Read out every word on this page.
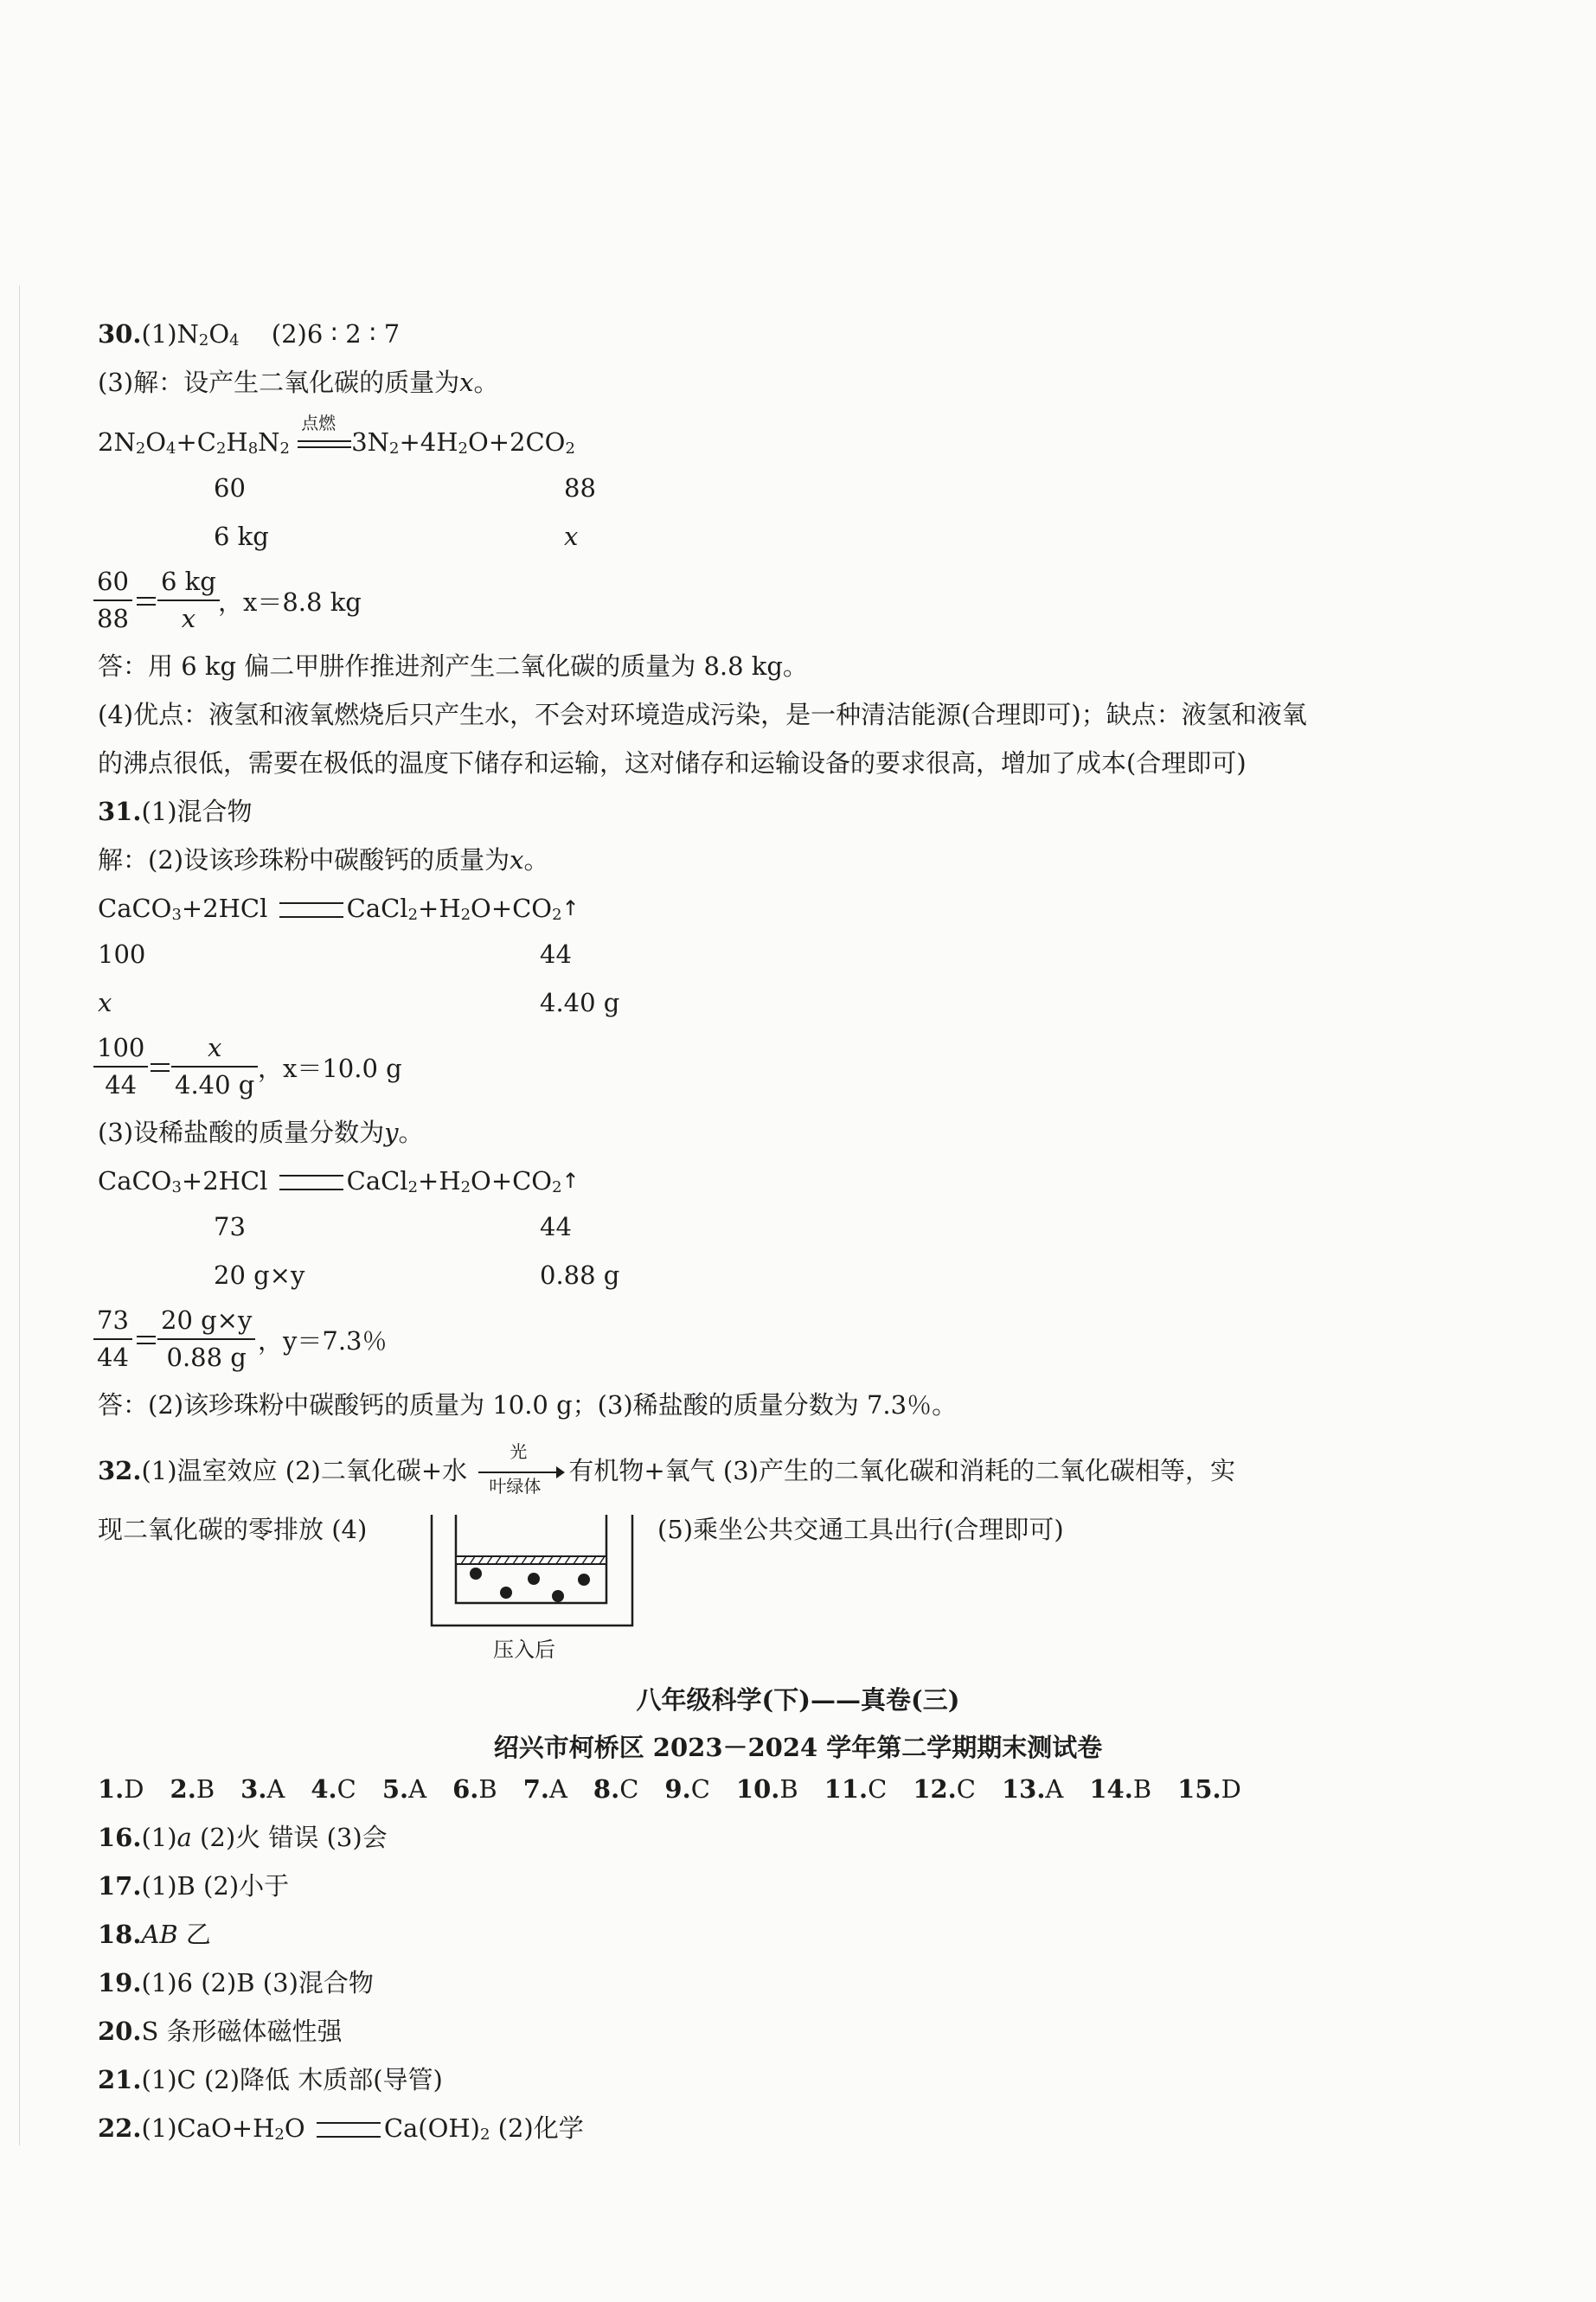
$30.(1)N_2O_4$ (2)6 ∶ 2 ∶ 7
(3)解：设产生二氧化碳的质量为x。
$2N_2O_4+C_2H_8N_2$
点燃
$3N_2+4H_2O+2CO_2$
60	88
6 kg	x
60
88
6 kg
x
，x＝8.8 kg
答：用 6 kg 偏二甲肼作推进剂产生二氧化碳的质量为 8.8 kg。
(4)优点：液氢和液氧燃烧后只产生水，不会对环境造成污染，是一种清洁能源(合理即可)；缺点：液氢和液氧
的沸点很低，需要在极低的温度下储存和运输，这对储存和运输设备的要求很高，增加了成本(合理即可)
31.(1)混合物
解：(2)设该珍珠粉中碳酸钙的质量为x。
CaCO$_3$+2HCl	$CaCl_2+H_2O+CO_2↑$
100	44
x	4.40 g
100
44
x
4.40 g
，x＝10.0 g
(3)设稀盐酸的质量分数为y。
CaCO$_3$+2HCl	$CaCl_2+H_2O+CO_2↑$
73	44
20 g×y	0.88 g
73
44
20 g×y
0.88 g
，y＝7.3％
答：(2)该珍珠粉中碳酸钙的质量为 10.0 g；(3)稀盐酸的质量分数为 7.3％。
32.(1)温室效应 (2)二氧化碳+水
光
叶绿体
有机物+氧气 (3)产生的二氧化碳和消耗的二氧化碳相等，实
现二氧化碳的零排放 (4)
压入后
(5)乘坐公共交通工具出行(合理即可)
八年级科学(下)——真卷(三)
绍兴市柯桥区 2023－2024 学年第二学期期末测试卷
1.D 2.B 3.A 4.C 5.A 6.B 7.A 8.C 9.C 10.B 11.C 12.C 13.A 14.B 15.D
16.(1)a (2)火 错误 (3)会
17.(1)B (2)小于
18.AB 乙
19.(1)6 (2)B (3)混合物
20.S 条形磁体磁性强
21.(1)C (2)降低 木质部(导管)
$22.(1)CaO+H_2O$	$Ca(OH)_2$ (2)化学
